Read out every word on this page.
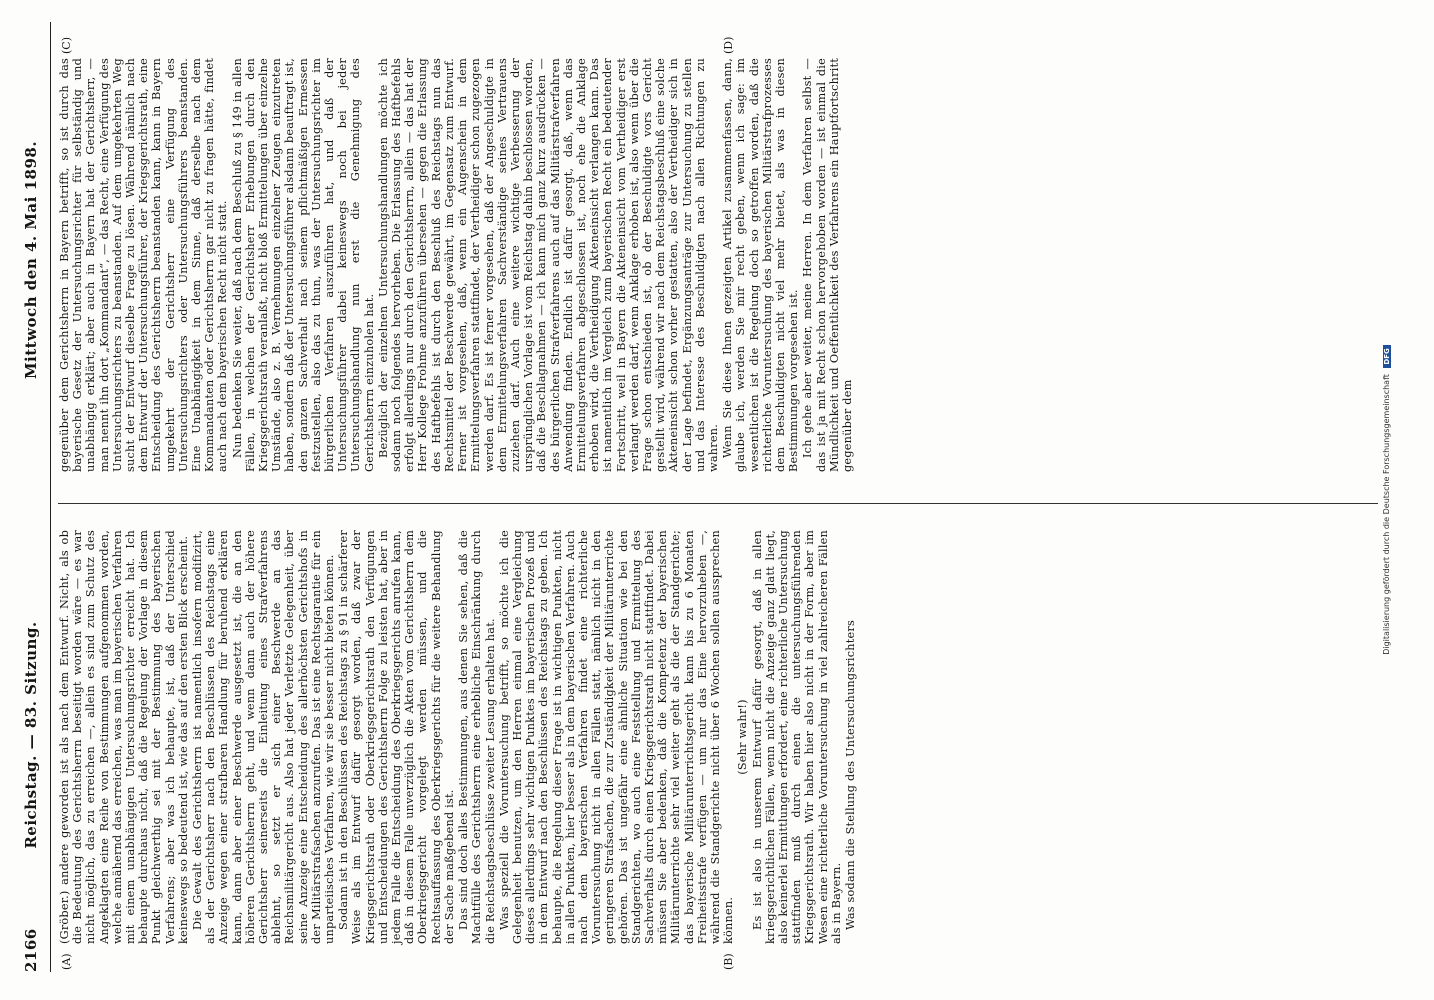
2166
Reichstag. — 83. Sitzung.
Mittwoch den 4. Mai 1898.
(A)	(B)
(C)	(D)

(Gröber.) andere geworden ist als nach dem Entwurf. Nicht, als ob die Bedeutung des Gerichtsherrn beseitigt worden wäre — es war nicht möglich, das zu erreichen —, allein es sind zum Schutz des Angeklagten eine Reihe von Bestimmungen aufgenommen worden, welche annähernd das erreichen, was man im bayerischen Verfahren mit einem unabhängigen Untersuchungsrichter erreicht hat. Ich behaupte durchaus nicht, daß die Regelung der Vorlage in diesem Punkt gleichwerthig sei mit der Bestimmung des bayerischen Verfahrens; aber was ich behaupte, ist, daß der Unterschied keineswegs so bedeutend ist, wie das auf den ersten Blick erscheint. Die Gewalt des Gerichtsherrn ist namentlich insofern modifizirt, als der Gerichtsherr nach den Beschlüssen des Reichstags eine Anzeige wegen einer strafbaren Handlung für beruhend erklären kann, dann aber einer Beschwerde ausgesetzt ist, die an den höheren Gerichtsherrn geht, und wenn dann auch der höhere Gerichtsherr seinerseits die Einleitung eines Strafverfahrens ablehnt, so setzt er sich einer Beschwerde an das Reichsmilitärgericht aus. Also hat jeder Verletzte Gelegenheit, über seine Anzeige eine Entscheidung des allerhöchsten Gerichtshofs in der Militärstrafsachen anzurufen. Das ist eine Rechtsgarantie für ein unparteiisches Verfahren, wie wir sie besser nicht bieten können. Sodann ist in den Beschlüssen des Reichstags zu § 91 in schärferer Weise als im Entwurf dafür gesorgt worden, daß zwar der Kriegsgerichtsrath oder Oberkriegsgerichtsrath den Verfügungen und Entscheidungen des Gerichtsherrn Folge zu leisten hat, aber in jedem Falle die Entscheidung des Oberkriegsgerichts anrufen kann, daß in diesem Falle unverzüglich die Akten vom Gerichtsherrn dem Oberkriegsgericht vorgelegt werden müssen, und die Rechtsauffassung des Oberkriegsgerichts für die weitere Behandlung der Sache maßgebend ist. Das sind doch alles Bestimmungen, aus denen Sie sehen, daß die Machtfülle des Gerichtsherrn eine erhebliche Einschränkung durch die Reichstagsbeschlüsse zweiter Lesung erhalten hat. Was speziell die Voruntersuchung betrifft, so möchte ich die Gelegenheit benutzen, um den Herren einmal eine Vergleichung dieses allerdings sehr wichtigen Punktes im bayerischen Prozeß und in dem Entwurf nach den Beschlüssen des Reichstags zu geben. Ich behaupte, die Regelung dieser Frage ist in wichtigen Punkten, nicht in allen Punkten, hier besser als in dem bayerischen Verfahren. Auch nach dem bayerischen Verfahren findet eine richterliche Voruntersuchung nicht in allen Fällen statt, nämlich nicht in den geringeren Strafsachen, die zur Zuständigkeit der Militärunterrichte gehören. Das ist ungefähr eine ähnliche Situation wie bei den Standgerichten, wo auch eine Feststellung und Ermittelung des Sachverhalts durch einen Kriegsgerichtsrath nicht stattfindet. Dabei müssen Sie aber bedenken, daß die Kompetenz der bayerischen Militärunterrichte sehr viel weiter geht als die der Standgerichte; das bayerische Militärunterrichtsgericht kann bis zu 6 Monaten Freiheitsstrafe verfügen — um nur das Eine hervorzuheben —, während die Standgerichte nicht über 6 Wochen sollen aussprechen können.

(Sehr wahr!) Es ist also in unserem Entwurf dafür gesorgt, daß in allen kriegsgerichtlichen Fällen, wenn nicht die Anzeige ganz glatt liegt, also keinerlei Ermittlungen erfordert, eine richterliche Untersuchung stattfinden muß durch einen die untersuchungsführenden Kriegsgerichtsrath. Wir haben hier also nicht in der Form, aber im Wesen eine richterliche Voruntersuchung in viel zahlreicheren Fällen als in Bayern. Was sodann die Stellung des Untersuchungsrichters

gegenüber dem Gerichtsherrn in Bayern betrifft, so ist durch das bayerische Gesetz der Untersuchungsrichter für selbständig und unabhängig erklärt; aber auch in Bayern hat der Gerichtsherr, — man nennt ihn dort „Kommandant“, — das Recht, eine Verfügung des Untersuchungsrichters zu beanstanden. Auf dem umgekehrten Weg sucht der Entwurf dieselbe Frage zu lösen. Während nämlich nach dem Entwurf der Untersuchungsführer, der Kriegsgerichtsrath, eine Entscheidung des Gerichtsherrn beanstanden kann, kann in Bayern umgekehrt der Gerichtsherr eine Verfügung des Untersuchungsrichters oder Untersuchungsführers beanstanden. Eine Unabhängigkeit in dem Sinne, daß derselbe nach dem Kommandanten oder Gerichtsherrn gar nicht zu fragen hätte, findet auch nach dem bayerischen Recht nicht statt. Nun bedenken Sie weiter, daß nach dem Beschluß zu § 149 in allen Fällen, in welchen der Gerichtsherr Erhebungen durch den Kriegsgerichtsrath veranlaßt, nicht bloß Ermittelungen über einzelne Umstände, also z. B. Vernehmungen einzelner Zeugen einzutreten haben, sondern daß der Untersuchungsführer alsdann beauftragt ist, den ganzen Sachverhalt nach seinem pflichtmäßigen Ermessen festzustellen, also das zu thun, was der Untersuchungsrichter im bürgerlichen Verfahren auszuführen hat, und daß der Untersuchungsführer dabei keineswegs noch bei jeder Untersuchungshandlung nun erst die Genehmigung des Gerichtsherrn einzuholen hat. Bezüglich der einzelnen Untersuchungshandlungen möchte ich sodann noch folgendes hervorheben. Die Erlassung des Haftbefehls erfolgt allerdings nur durch den Gerichtsherrn, allein — das hat der Herr Kollege Frohme anzuführen übersehen — gegen die Erlassung des Haftbefehls ist durch den Beschluß des Reichstags nun das Rechtsmittel der Beschwerde gewährt, im Gegensatz zum Entwurf. Ferner ist vorgesehen, daß, wenn ein Augenschein in dem Ermittelungsverfahren stattfindet, der Vertheidiger schon zugezogen werden darf. Es ist ferner vorgesehen, daß der Angeschuldigte in dem Ermittelungsverfahren Sachverständige seines Vertrauens zuziehen darf. Auch eine weitere wichtige Verbesserung der ursprünglichen Vorlage ist vom Reichstag dahin beschlossen worden, daß die Beschlagnahmen — ich kann mich ganz kurz ausdrücken — des bürgerlichen Strafverfahrens auch auf das Militärstrafverfahren Anwendung finden. Endlich ist dafür gesorgt, daß, wenn das Ermittelungsverfahren abgeschlossen ist, noch ehe die Anklage erhoben wird, die Vertheidigung Akteneinsicht verlangen kann. Das ist namentlich im Vergleich zum bayerischen Recht ein bedeutender Fortschritt, weil in Bayern die Akteneinsicht vom Vertheidiger erst verlangt werden darf, wenn Anklage erhoben ist, also wenn über die Frage schon entschieden ist, ob der Beschuldigte vors Gericht gestellt wird, während wir nach dem Reichstagsbeschluß eine solche Akteneinsicht schon vorher gestatten, also der Vertheidiger sich in der Lage befindet, Ergänzungsanträge zur Untersuchung zu stellen und das Interesse des Beschuldigten nach allen Richtungen zu wahren. Wenn Sie diese Ihnen gezeigten Artikel zusammenfassen, dann, glaube ich, werden Sie mir recht geben, wenn ich sage: im wesentlichen ist die Regelung doch so getroffen worden, daß die richterliche Voruntersuchung des bayerischen Militärstrafprozesses dem Beschuldigten nicht viel mehr bietet, als was in diesen Bestimmungen vorgesehen ist. Ich gehe aber weiter, meine Herren. In dem Verfahren selbst — das ist ja mit Recht schon hervorgehoben worden — ist einmal die Mündlichkeit und Oeffentlichkeit des Verfahrens ein Hauptfortschritt gegenüber dem	Digitalisierung gefördert durch die Deutsche Forschungsgemeinschaft DFG
